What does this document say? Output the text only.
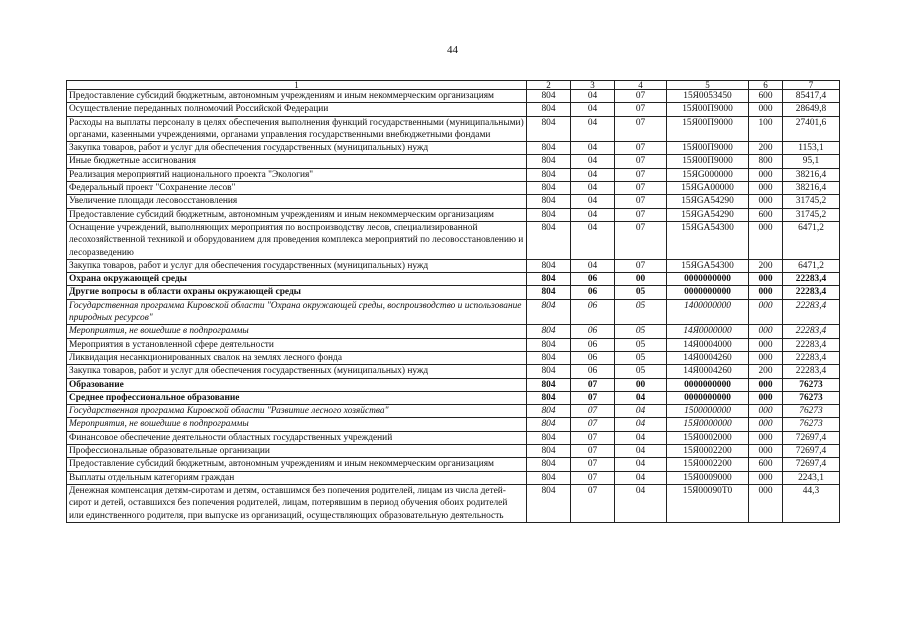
44
1	2	3	4	5	6	7
Предоставление субсидий бюджетным, автономным учреждениям и иным некоммерческим организациям	804	04	07	15Я0053450	600	85417,4
Осуществление переданных полномочий Российской Федерации	804	04	07	15Я00П9000	000	28649,8
Расходы на выплаты персоналу в целях обеспечения выполнения функций государственными (муниципальными) органами, казенными учреждениями, органами управления государственными внебюджетными фондами	804	04	07	15Я00П9000	100	27401,6
Закупка товаров, работ и услуг для обеспечения государственных (муниципальных) нужд	804	04	07	15Я00П9000	200	1153,1
Иные бюджетные ассигнования	804	04	07	15Я00П9000	800	95,1
Реализация мероприятий национального проекта "Экология"	804	04	07	15ЯG000000	000	38216,4
Федеральный проект "Сохранение лесов"	804	04	07	15ЯGA00000	000	38216,4
Увеличение площади лесовосстановления	804	04	07	15ЯGA54290	000	31745,2
Предоставление субсидий бюджетным, автономным учреждениям и иным некоммерческим организациям	804	04	07	15ЯGA54290	600	31745,2
Оснащение учреждений, выполняющих мероприятия по воспроизводству лесов, специализированной лесохозяйственной техникой и оборудованием для проведения комплекса мероприятий по лесовосстановлению и лесоразведению	804	04	07	15ЯGA54300	000	6471,2
Закупка товаров, работ и услуг для обеспечения государственных (муниципальных) нужд	804	04	07	15ЯGA54300	200	6471,2
Охрана окружающей среды	804	06	00	0000000000	000	22283,4
Другие вопросы в области охраны окружающей среды	804	06	05	0000000000	000	22283,4
Государственная программа Кировской области "Охрана окружающей среды, воспроизводство и использование природных ресурсов"	804	06	05	1400000000	000	22283,4
Мероприятия, не вошедшие в подпрограммы	804	06	05	14Я0000000	000	22283,4
Мероприятия в установленной сфере деятельности	804	06	05	14Я0004000	000	22283,4
Ликвидация несанкционированных свалок на землях лесного фонда	804	06	05	14Я0004260	000	22283,4
Закупка товаров, работ и услуг для обеспечения государственных (муниципальных) нужд	804	06	05	14Я0004260	200	22283,4
Образование	804	07	00	0000000000	000	76273
Среднее профессиональное образование	804	07	04	0000000000	000	76273
Государственная программа Кировской области "Развитие лесного хозяйства"	804	07	04	1500000000	000	76273
Мероприятия, не вошедшие в подпрограммы	804	07	04	15Я0000000	000	76273
Финансовое обеспечение деятельности областных государственных учреждений	804	07	04	15Я0002000	000	72697,4
Профессиональные образовательные организации	804	07	04	15Я0002200	000	72697,4
Предоставление субсидий бюджетным, автономным учреждениям и иным некоммерческим организациям	804	07	04	15Я0002200	600	72697,4
Выплаты отдельным категориям граждан	804	07	04	15Я0009000	000	2243,1
Денежная компенсация детям-сиротам и детям, оставшимся без попечения родителей, лицам из числа детей-сирот и детей, оставшихся без попечения родителей, лицам, потерявшим в период обучения обоих родителей или единственного родителя, при выпуске из организаций, осуществляющих образовательную деятельность	804	07	04	15Я00090Т0	000	44,3
